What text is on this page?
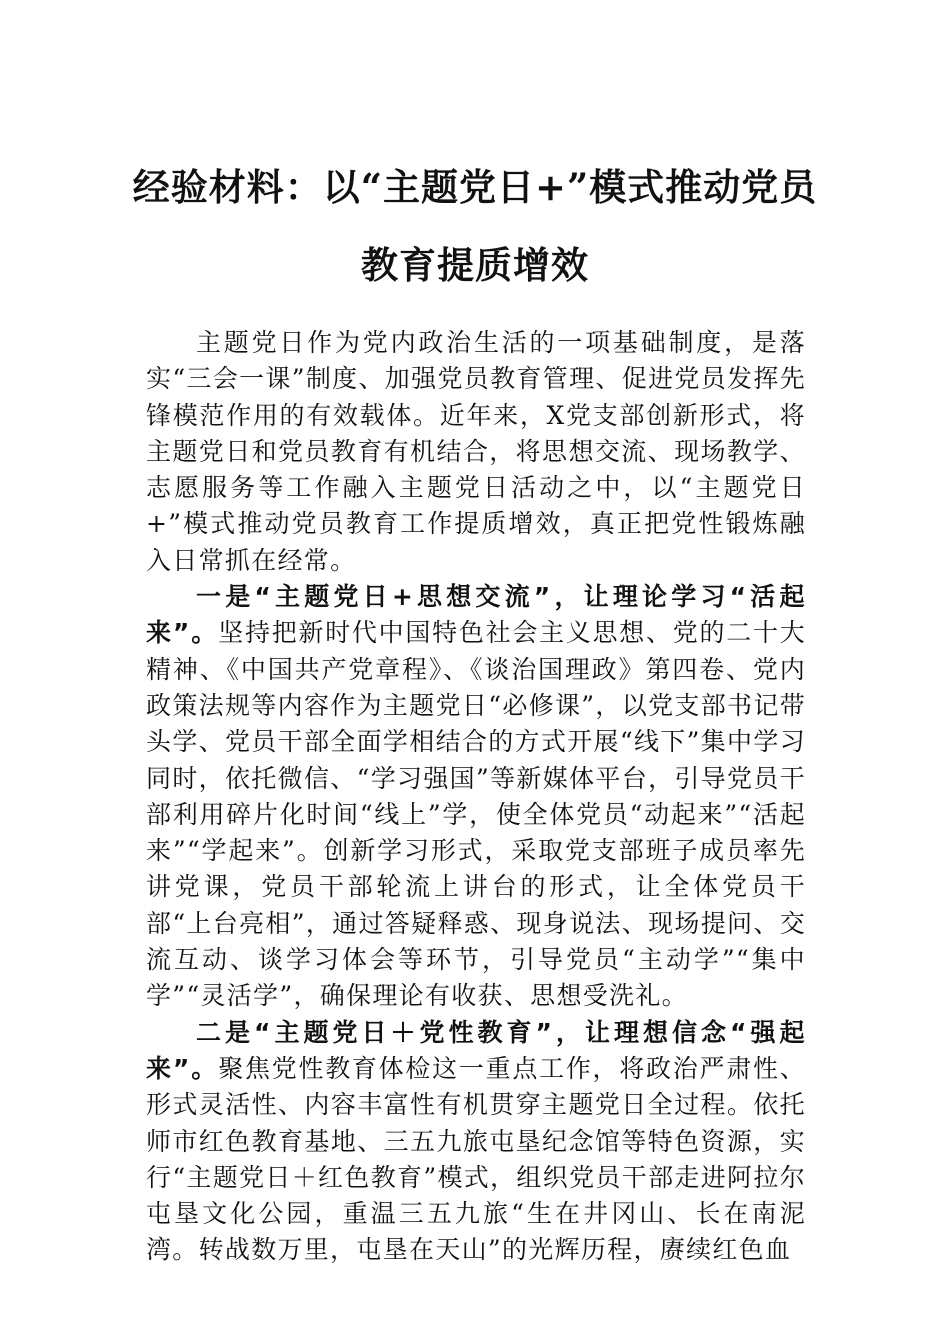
经验材料：以“主题党日+”模式推动党员教育提质增效

主题党日作为党内政治生活的一项基础制度，是落实“三会一课”制度、加强党员教育管理、促进党员发挥先锋模范作用的有效载体。近年来，X党支部创新形式，将主题党日和党员教育有机结合，将思想交流、现场教学、志愿服务等工作融入主题党日活动之中，以“主题党日+”模式推动党员教育工作提质增效，真正把党性锻炼融入日常抓在经常。

一是“主题党日+思想交流”，让理论学习“活起来”。坚持把新时代中国特色社会主义思想、党的二十大精神、《中国共产党章程》、《谈治国理政》第四卷、党内政策法规等内容作为主题党日“必修课”，以党支部书记带头学、党员干部全面学相结合的方式开展“线下”集中学习同时，依托微信、“学习强国”等新媒体平台，引导党员干部利用碎片化时间“线上”学，使全体党员“动起来”“活起来”“学起来”。创新学习形式，采取党支部班子成员率先讲党课，党员干部轮流上讲台的形式，让全体党员干部“上台亮相”，通过答疑释惑、现身说法、现场提问、交流互动、谈学习体会等环节，引导党员“主动学”“集中学”“灵活学”，确保理论有收获、思想受洗礼。

二是“主题党日＋党性教育”，让理想信念“强起来”。聚焦党性教育体检这一重点工作，将政治严肃性、形式灵活性、内容丰富性有机贯穿主题党日全过程。依托师市红色教育基地、三五九旅屯垦纪念馆等特色资源，实行“主题党日＋红色教育”模式，组织党员干部走进阿拉尔屯垦文化公园，重温三五九旅“生在井冈山、长在南泥湾。转战数万里，屯垦在天山”的光辉历程，赓续红色血
